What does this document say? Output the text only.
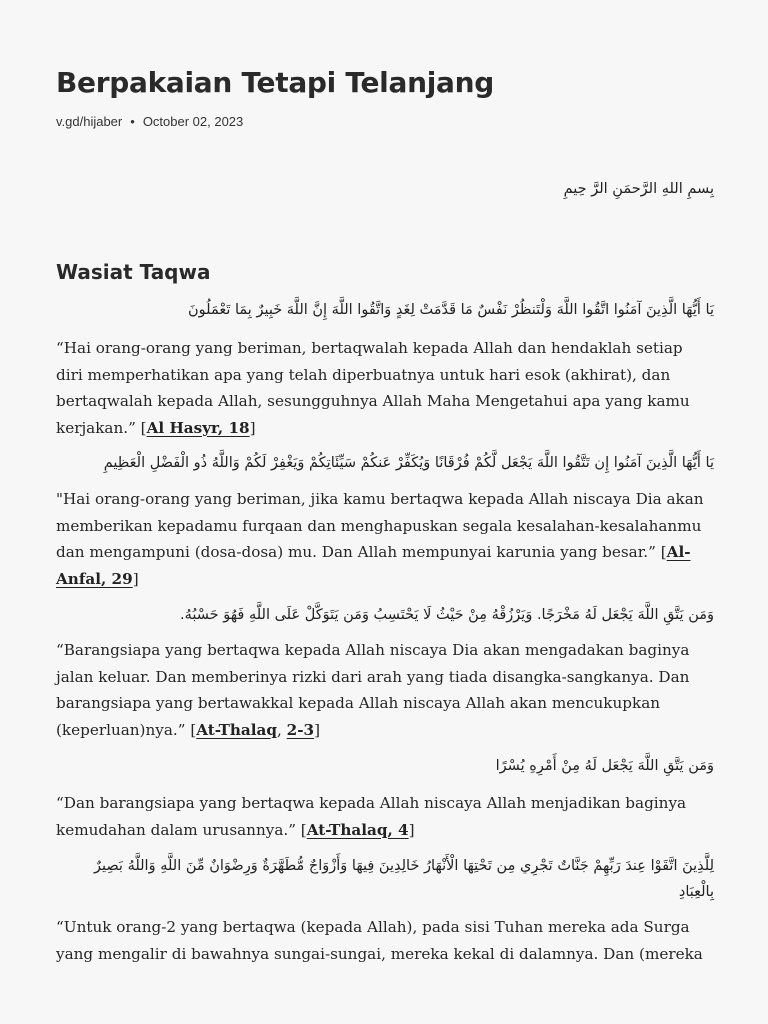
Berpakaian Tetapi Telanjang
v.gd/hijaber • October 02, 2023
بِسمِ اللهِ الرَّحمَنِ الرَّ حِيمِ
Wasiat Taqwa
يَا أَيُّهَا الَّذِينَ آمَنُوا اتَّقُوا اللَّهَ وَلْتَنظُرْ نَفْسٌ مَا قَدَّمَتْ لِغَدٍ وَاتَّقُوا اللَّهَ إِنَّ اللَّهَ خَبِيرٌ بِمَا تَعْمَلُونَ

“Hai orang-orang yang beriman, bertaqwalah kepada Allah dan hendaklah setiap diri memperhatikan apa yang telah diperbuatnya untuk hari esok (akhirat), dan bertaqwalah kepada Allah, sesungguhnya Allah Maha Mengetahui apa yang kamu kerjakan.” [Al Hasyr, 18]

يَا أَيُّهَا الَّذِينَ آمَنُوا إِن تَتَّقُوا اللَّهَ يَجْعَل لَّكُمْ فُرْقَانًا وَيُكَفِّرْ عَنكُمْ سَيِّئَاتِكُمْ وَيَغْفِرْ لَكُمْ وَاللَّهُ ذُو الْفَضْلِ الْعَظِيمِ

"Hai orang-orang yang beriman, jika kamu bertaqwa kepada Allah niscaya Dia akan memberikan kepadamu furqaan dan menghapuskan segala kesalahan-kesalahanmu dan mengampuni (dosa-dosa) mu. Dan Allah mempunyai karunia yang besar.” [Al-Anfal, 29]

وَمَن يَتَّقِ اللَّهَ يَجْعَل لَهُ مَخْرَجًا. وَيَرْزُقْهُ مِنْ حَيْثُ لَا يَحْتَسِبُ وَمَن يَتَوَكَّلْ عَلَى اللَّهِ فَهُوَ حَسْبُهُ.

“Barangsiapa yang bertaqwa kepada Allah niscaya Dia akan mengadakan baginya jalan keluar. Dan memberinya rizki dari arah yang tiada disangka-sangkanya. Dan barangsiapa yang bertawakkal kepada Allah niscaya Allah akan mencukupkan (keperluan)nya.” [At-Thalaq, 2-3]

وَمَن يَتَّقِ اللَّهَ يَجْعَل لَهُ مِنْ أَمْرِهِ يُسْرًا

“Dan barangsiapa yang bertaqwa kepada Allah niscaya Allah menjadikan baginya kemudahan dalam urusannya.” [At-Thalaq, 4]

لِلَّذِينَ اتَّقَوْا عِندَ رَبِّهِمْ جَنَّاتٌ تَجْرِي مِن تَحْتِهَا الْأَنْهَارُ خَالِدِينَ فِيهَا وَأَزْوَاجٌ مُّطَهَّرَةٌ وَرِضْوَانٌ مِّنَ اللَّهِ وَاللَّهُ بَصِيرٌ بِالْعِبَادِ

“Untuk orang-2 yang bertaqwa (kepada Allah), pada sisi Tuhan mereka ada Surga yang mengalir di bawahnya sungai-sungai, mereka kekal di dalamnya. Dan (mereka
